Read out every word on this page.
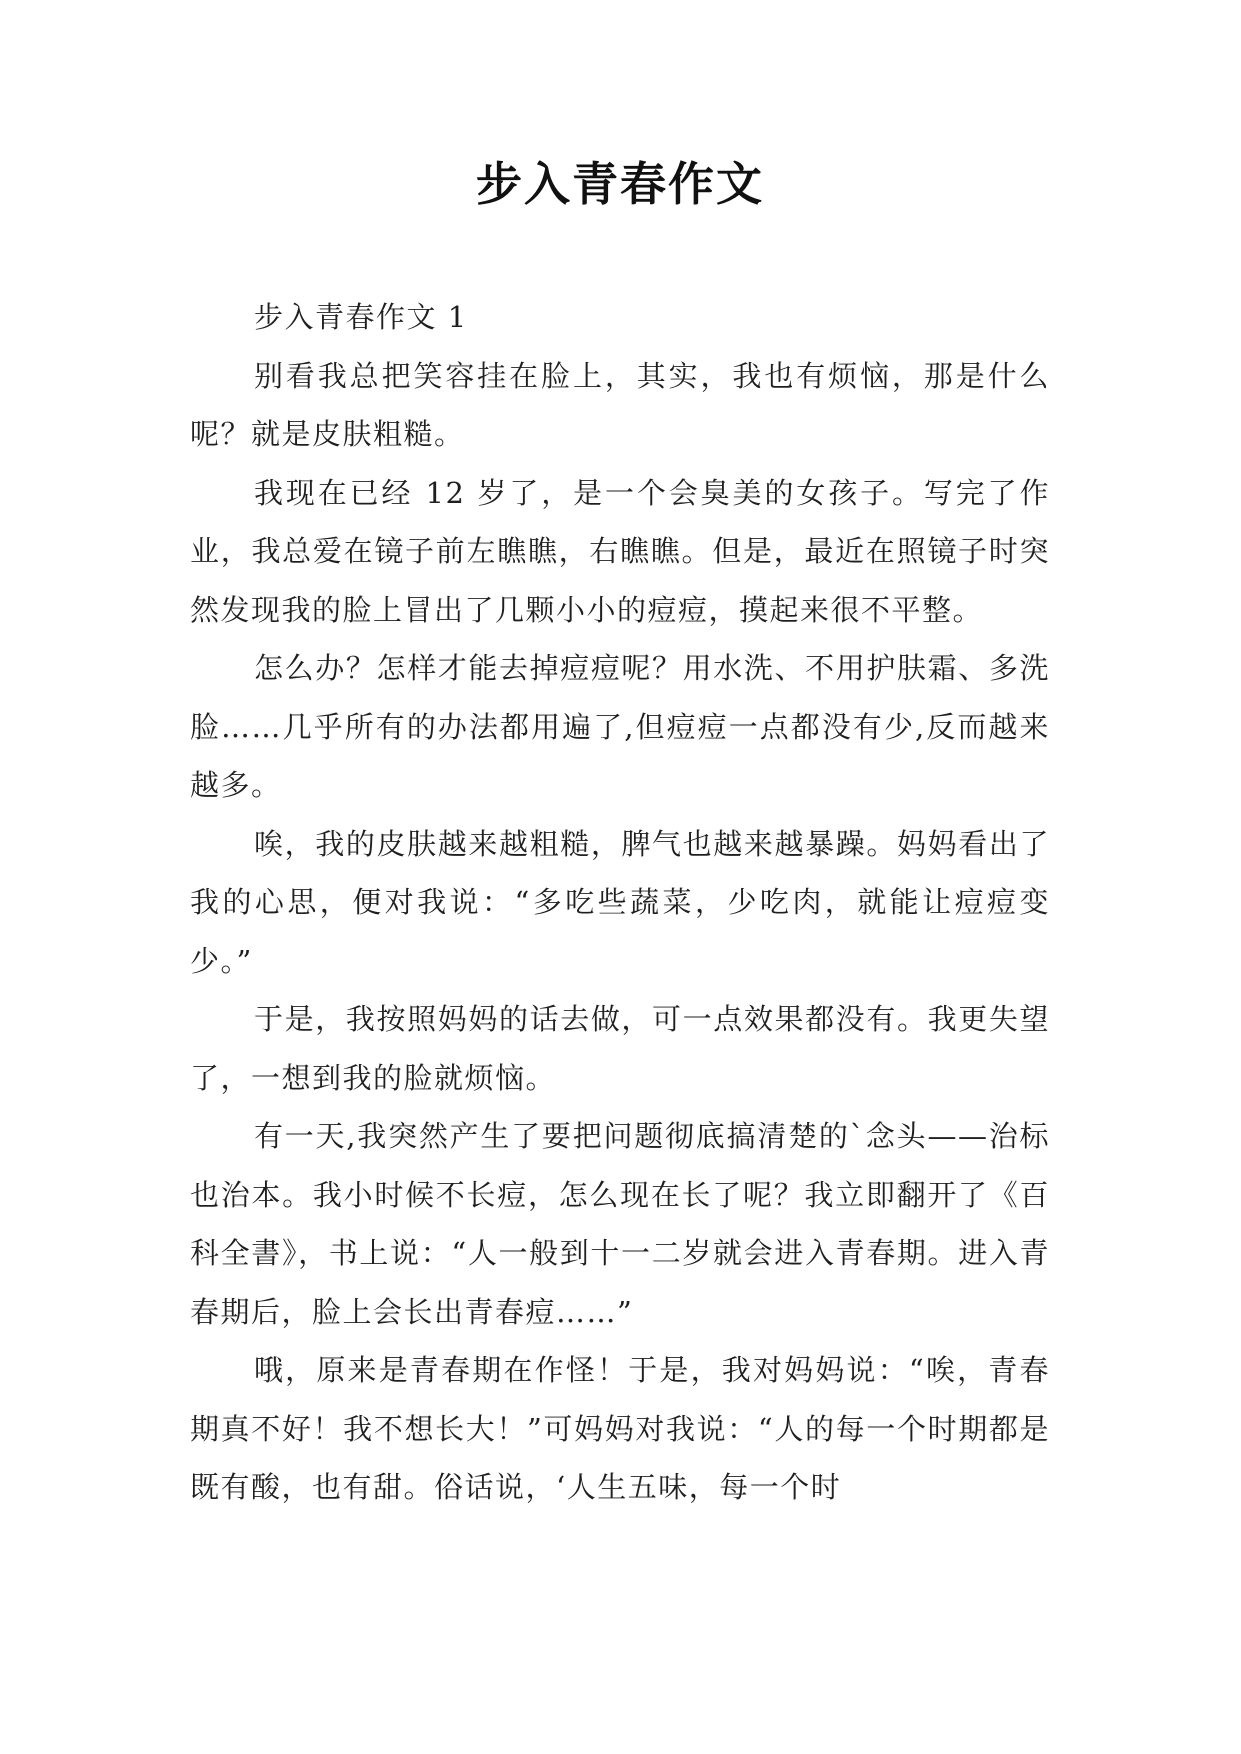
步入青春作文

步入青春作文 1

别看我总把笑容挂在脸上，其实，我也有烦恼，那是什么呢？就是皮肤粗糙。

我现在已经 12 岁了，是一个会臭美的女孩子。写完了作业，我总爱在镜子前左瞧瞧，右瞧瞧。但是，最近在照镜子时突然发现我的脸上冒出了几颗小小的痘痘，摸起来很不平整。

怎么办？怎样才能去掉痘痘呢？用水洗、不用护肤霜、多洗脸……几乎所有的办法都用遍了,但痘痘一点都没有少,反而越来越多。

唉，我的皮肤越来越粗糙，脾气也越来越暴躁。妈妈看出了我的心思，便对我说：“多吃些蔬菜，少吃肉，就能让痘痘变少。”

于是，我按照妈妈的话去做，可一点效果都没有。我更失望了，一想到我的脸就烦恼。

有一天,我突然产生了要把问题彻底搞清楚的`念头——治标也治本。我小时候不长痘，怎么现在长了呢？我立即翻开了《百科全書》，书上说：“人一般到十一二岁就会进入青春期。进入青春期后，脸上会长出青春痘……”

哦，原来是青春期在作怪！于是，我对妈妈说：“唉，青春期真不好！我不想长大！”可妈妈对我说：“人的每一个时期都是既有酸，也有甜。俗话说，‘人生五味，每一个时
